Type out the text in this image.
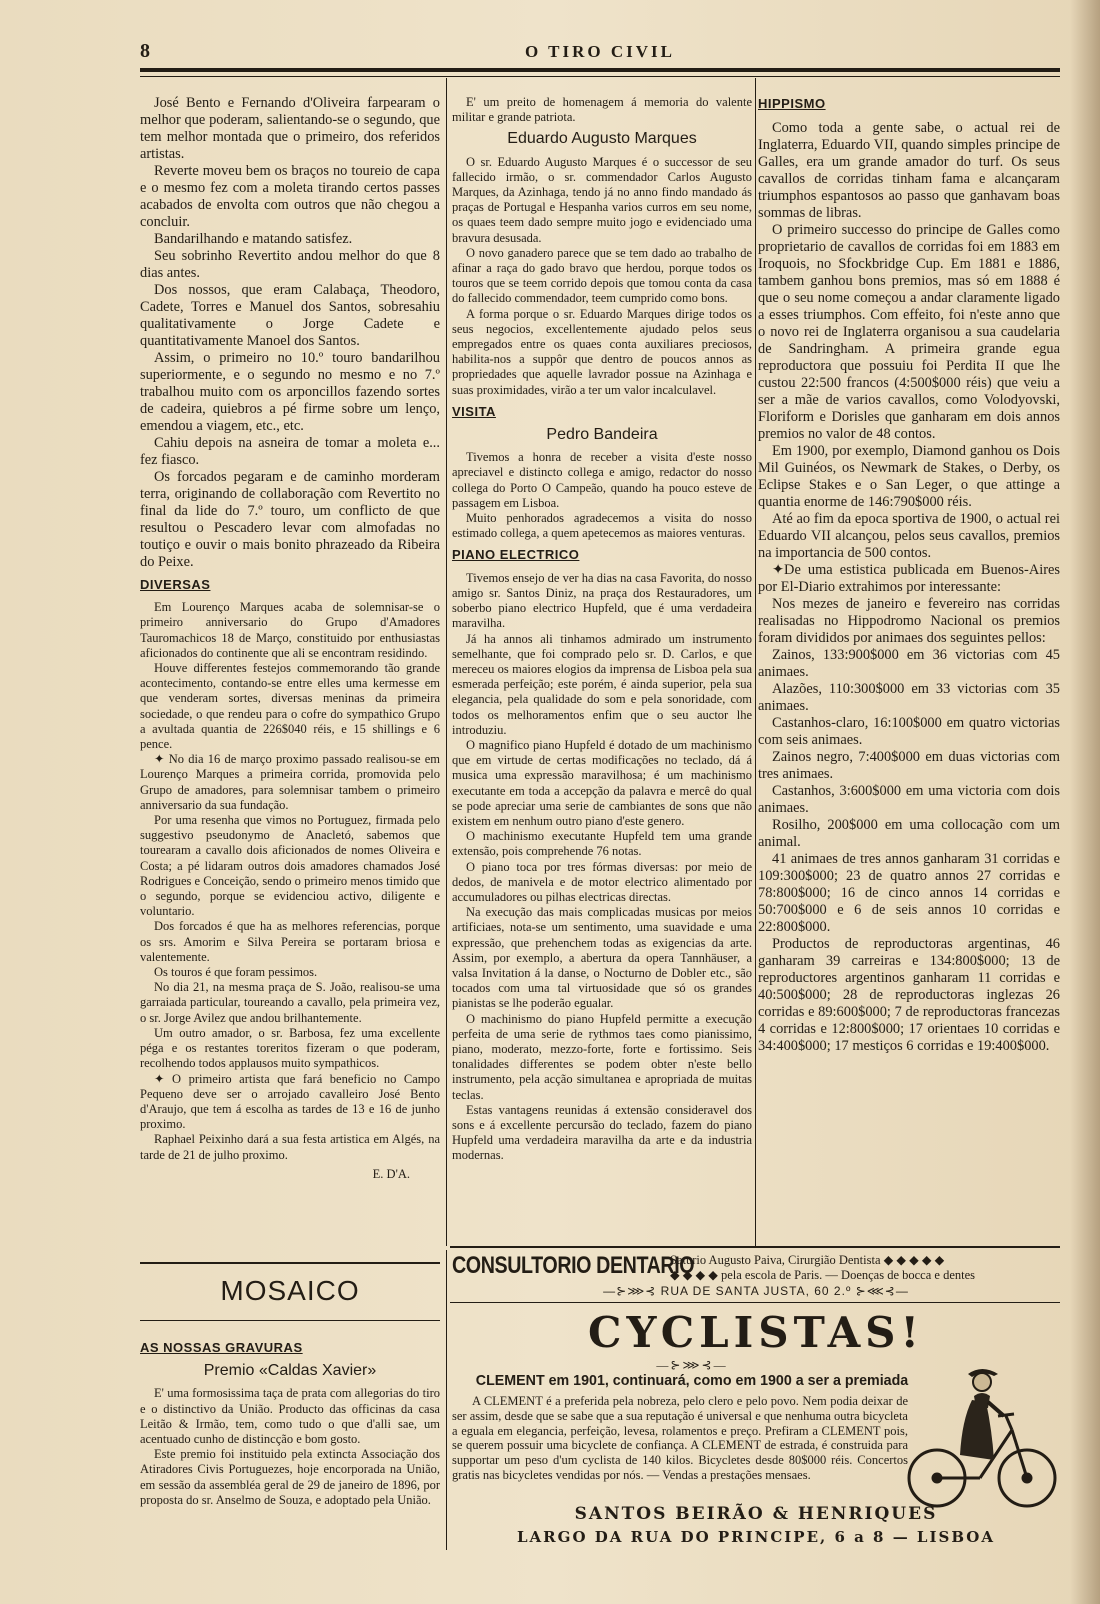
8	O TIRO CIVIL

José Bento e Fernando d'Oliveira farpearam o melhor que poderam, salientando-se o segundo, que tem melhor montada que o primeiro, dos referidos artistas.

Reverte moveu bem os braços no toureio de capa e o mesmo fez com a moleta tirando certos passes acabados de envolta com outros que não chegou a concluir.

Bandarilhando e matando satisfez.

Seu sobrinho Revertito andou melhor do que 8 dias antes.

Dos nossos, que eram Calabaça, Theodoro, Cadete, Torres e Manuel dos Santos, sobresahiu qualitativamente o Jorge Cadete e quantitativamente Manoel dos Santos.

Assim, o primeiro no 10.º touro bandarilhou superiormente, e o segundo no mesmo e no 7.º trabalhou muito com os arponcillos fazendo sortes de cadeira, quiebros a pé firme sobre um lenço, emendou a viagem, etc., etc.

Cahiu depois na asneira de tomar a moleta e... fez fiasco.

Os forcados pegaram e de caminho morderam terra, originando de collaboração com Revertito no final da lide do 7.º touro, um conflicto de que resultou o Pescadero levar com almofadas no toutiço e ouvir o mais bonito phrazeado da Ribeira do Peixe.

DIVERSAS

Em Lourenço Marques acaba de solemnisar-se o primeiro anniversario do Grupo d'Amadores Tauromachicos 18 de Março, constituido por enthusiastas aficionados do continente que ali se encontram residindo.

Houve differentes festejos commemorando tão grande acontecimento, contando-se entre elles uma kermesse em que venderam sortes, diversas meninas da primeira sociedade, o que rendeu para o cofre do sympathico Grupo a avultada quantia de 226$040 réis, e 15 shillings e 6 pence.

✦ No dia 16 de março proximo passado realisou-se em Lourenço Marques a primeira corrida, promovida pelo Grupo de amadores, para solemnisar tambem o primeiro anniversario da sua fundação.

Por uma resenha que vimos no Portuguez, firmada pelo suggestivo pseudonymo de Anacletó, sabemos que tourearam a cavallo dois aficionados de nomes Oliveira e Costa; a pé lidaram outros dois amadores chamados José Rodrigues e Conceição, sendo o primeiro menos timido que o segundo, porque se evidenciou activo, diligente e voluntario.

Dos forcados é que ha as melhores referencias, porque os srs. Amorim e Silva Pereira se portaram briosa e valentemente.

Os touros é que foram pessimos.

No dia 21, na mesma praça de S. João, realisou-se uma garraiada particular, toureando a cavallo, pela primeira vez, o sr. Jorge Avilez que andou brilhantemente.

Um outro amador, o sr. Barbosa, fez uma excellente péga e os restantes toreritos fizeram o que poderam, recolhendo todos applausos muito sympathicos.

✦ O primeiro artista que fará beneficio no Campo Pequeno deve ser o arrojado cavalleiro José Bento d'Araujo, que tem á escolha as tardes de 13 e 16 de junho proximo.

Raphael Peixinho dará a sua festa artistica em Algés, na tarde de 21 de julho proximo.

E. D'A.
MOSAICO
AS NOSSAS GRAVURAS
Premio «Caldas Xavier»

E' uma formosissima taça de prata com allegorias do tiro e o distinctivo da União. Producto das officinas da casa Leitão & Irmão, tem, como tudo o que d'alli sae, um acentuado cunho de distincção e bom gosto.

Este premio foi instituido pela extincta Associação dos Atiradores Civis Portuguezes, hoje encorporada na União, em sessão da assembléa geral de 29 de janeiro de 1896, por proposta do sr. Anselmo de Souza, e adoptado pela União.

E' um preito de homenagem á memoria do valente militar e grande patriota.

Eduardo Augusto Marques

O sr. Eduardo Augusto Marques é o successor de seu fallecido irmão, o sr. commendador Carlos Augusto Marques, da Azinhaga, tendo já no anno findo mandado ás praças de Portugal e Hespanha varios curros em seu nome, os quaes teem dado sempre muito jogo e evidenciado uma bravura desusada.

O novo ganadero parece que se tem dado ao trabalho de afinar a raça do gado bravo que herdou, porque todos os touros que se teem corrido depois que tomou conta da casa do fallecido commendador, teem cumprido como bons.

A forma porque o sr. Eduardo Marques dirige todos os seus negocios, excellentemente ajudado pelos seus empregados entre os quaes conta auxiliares preciosos, habilita-nos a suppôr que dentro de poucos annos as propriedades que aquelle lavrador possue na Azinhaga e suas proximidades, virão a ter um valor incalculavel.

VISITA
Pedro Bandeira

Tivemos a honra de receber a visita d'este nosso apreciavel e distincto collega e amigo, redactor do nosso collega do Porto O Campeão, quando ha pouco esteve de passagem em Lisboa.

Muito penhorados agradecemos a visita do nosso estimado collega, a quem apetecemos as maiores venturas.

PIANO ELECTRICO

Tivemos ensejo de ver ha dias na casa Favorita, do nosso amigo sr. Santos Diniz, na praça dos Restauradores, um soberbo piano electrico Hupfeld, que é uma verdadeira maravilha.

Já ha annos ali tinhamos admirado um instrumento semelhante, que foi comprado pelo sr. D. Carlos, e que mereceu os maiores elogios da imprensa de Lisboa pela sua esmerada perfeição; este porém, é ainda superior, pela sua elegancia, pela qualidade do som e pela sonoridade, com todos os melhoramentos enfim que o seu auctor lhe introduziu.

O magnifico piano Hupfeld é dotado de um machinismo que em virtude de certas modificações no teclado, dá á musica uma expressão maravilhosa; é um machinismo executante em toda a accepção da palavra e mercê do qual se pode apreciar uma serie de cambiantes de sons que não existem em nenhum outro piano d'este genero.

O machinismo executante Hupfeld tem uma grande extensão, pois comprehende 76 notas.

O piano toca por tres fórmas diversas: por meio de dedos, de manivela e de motor electrico alimentado por accumuladores ou pilhas electricas directas.

Na execução das mais complicadas musicas por meios artificiaes, nota-se um sentimento, uma suavidade e uma expressão, que prehenchem todas as exigencias da arte. Assim, por exemplo, a abertura da opera Tannhäuser, a valsa Invitation á la danse, o Nocturno de Dobler etc., são tocados com uma tal virtuosidade que só os grandes pianistas se lhe poderão egualar.

O machinismo do piano Hupfeld permitte a execução perfeita de uma serie de rythmos taes como pianissimo, piano, moderato, mezzo-forte, forte e fortissimo. Seis tonalidades differentes se podem obter n'este bello instrumento, pela acção simultanea e apropriada de muitas teclas.

Estas vantagens reunidas á extensão consideravel dos sons e á excellente percursão do teclado, fazem do piano Hupfeld uma verdadeira maravilha da arte e da industria modernas.

HIPPISMO

Como toda a gente sabe, o actual rei de Inglaterra, Eduardo VII, quando simples principe de Galles, era um grande amador do turf. Os seus cavallos de corridas tinham fama e alcançaram triumphos espantosos ao passo que ganhavam boas sommas de libras.

O primeiro successo do principe de Galles como proprietario de cavallos de corridas foi em 1883 em Iroquois, no Sfockbridge Cup. Em 1881 e 1886, tambem ganhou bons premios, mas só em 1888 é que o seu nome começou a andar claramente ligado a esses triumphos. Com effeito, foi n'este anno que o novo rei de Inglaterra organisou a sua caudelaria de Sandringham. A primeira grande egua reproductora que possuiu foi Perdita II que lhe custou 22:500 francos (4:500$000 réis) que veiu a ser a mãe de varios cavallos, como Volodyovski, Floriform e Dorisles que ganharam em dois annos premios no valor de 48 contos.

Em 1900, por exemplo, Diamond ganhou os Dois Mil Guinéos, os Newmark de Stakes, o Derby, os Eclipse Stakes e o San Leger, o que attinge a quantia enorme de 146:790$000 réis.

Até ao fim da epoca sportiva de 1900, o actual rei Eduardo VII alcançou, pelos seus cavallos, premios na importancia de 500 contos.

✦De uma estistica publicada em Buenos-Aires por El-Diario extrahimos por interessante:

Nos mezes de janeiro e fevereiro nas corridas realisadas no Hippodromo Nacional os premios foram divididos por animaes dos seguintes pellos:

Zainos, 133:900$000 em 36 victorias com 45 animaes.

Alazões, 110:300$000 em 33 victorias com 35 animaes.

Castanhos-claro, 16:100$000 em quatro victorias com seis animaes.

Zainos negro, 7:400$000 em duas victorias com tres animaes.

Castanhos, 3:600$000 em uma victoria com dois animaes.

Rosilho, 200$000 em uma collocação com um animal.

41 animaes de tres annos ganharam 31 corridas e 109:300$000; 23 de quatro annos 27 corridas e 78:800$000; 16 de cinco annos 14 corridas e 50:700$000 e 6 de seis annos 10 corridas e 22:800$000.

Productos de reproductoras argentinas, 46 ganharam 39 carreiras e 134:800$000; 13 de reproductores argentinos ganharam 11 corridas e 40:500$000; 28 de reproductoras inglezas 26 corridas e 89:600$000; 7 de reproductoras francezas 4 corridas e 12:800$000; 17 orientaes 10 corridas e 34:400$000; 17 mestiços 6 corridas e 19:400$000.

CONSULTORIO DENTARIO
Saturio Augusto Paiva, Cirurgião Dentista ◆ ◆ ◆ ◆ ◆
◆ ◆ ◆ ◆ pela escola de Paris. — Doenças de bocca e dentes
—⊱⋙⊰ RUA DE SANTA JUSTA, 60 2.º ⊱⋘⊰—
CYCLISTAS!
—⊱⋙⊰—
CLEMENT em 1901, continuará, como em 1900 a ser a premiada
A CLEMENT é a preferida pela nobreza, pelo clero e pelo povo. Nem podia deixar de ser assim, desde que se sabe que a sua reputação é universal e que nenhuma outra bicycleta a eguala em elegancia, perfeição, levesa, rolamentos e preço. Prefiram a CLEMENT pois, se querem possuir uma bicyclete de confiança. A CLEMENT de estrada, é construida para supportar um peso d'um cyclista de 140 kilos. Bicycletes desde 80$000 réis. Concertos gratis nas bicycletes vendidas por nós. — Vendas a prestações mensaes.
SANTOS BEIRÃO & HENRIQUES
LARGO DA RUA DO PRINCIPE, 6 a 8 — LISBOA
